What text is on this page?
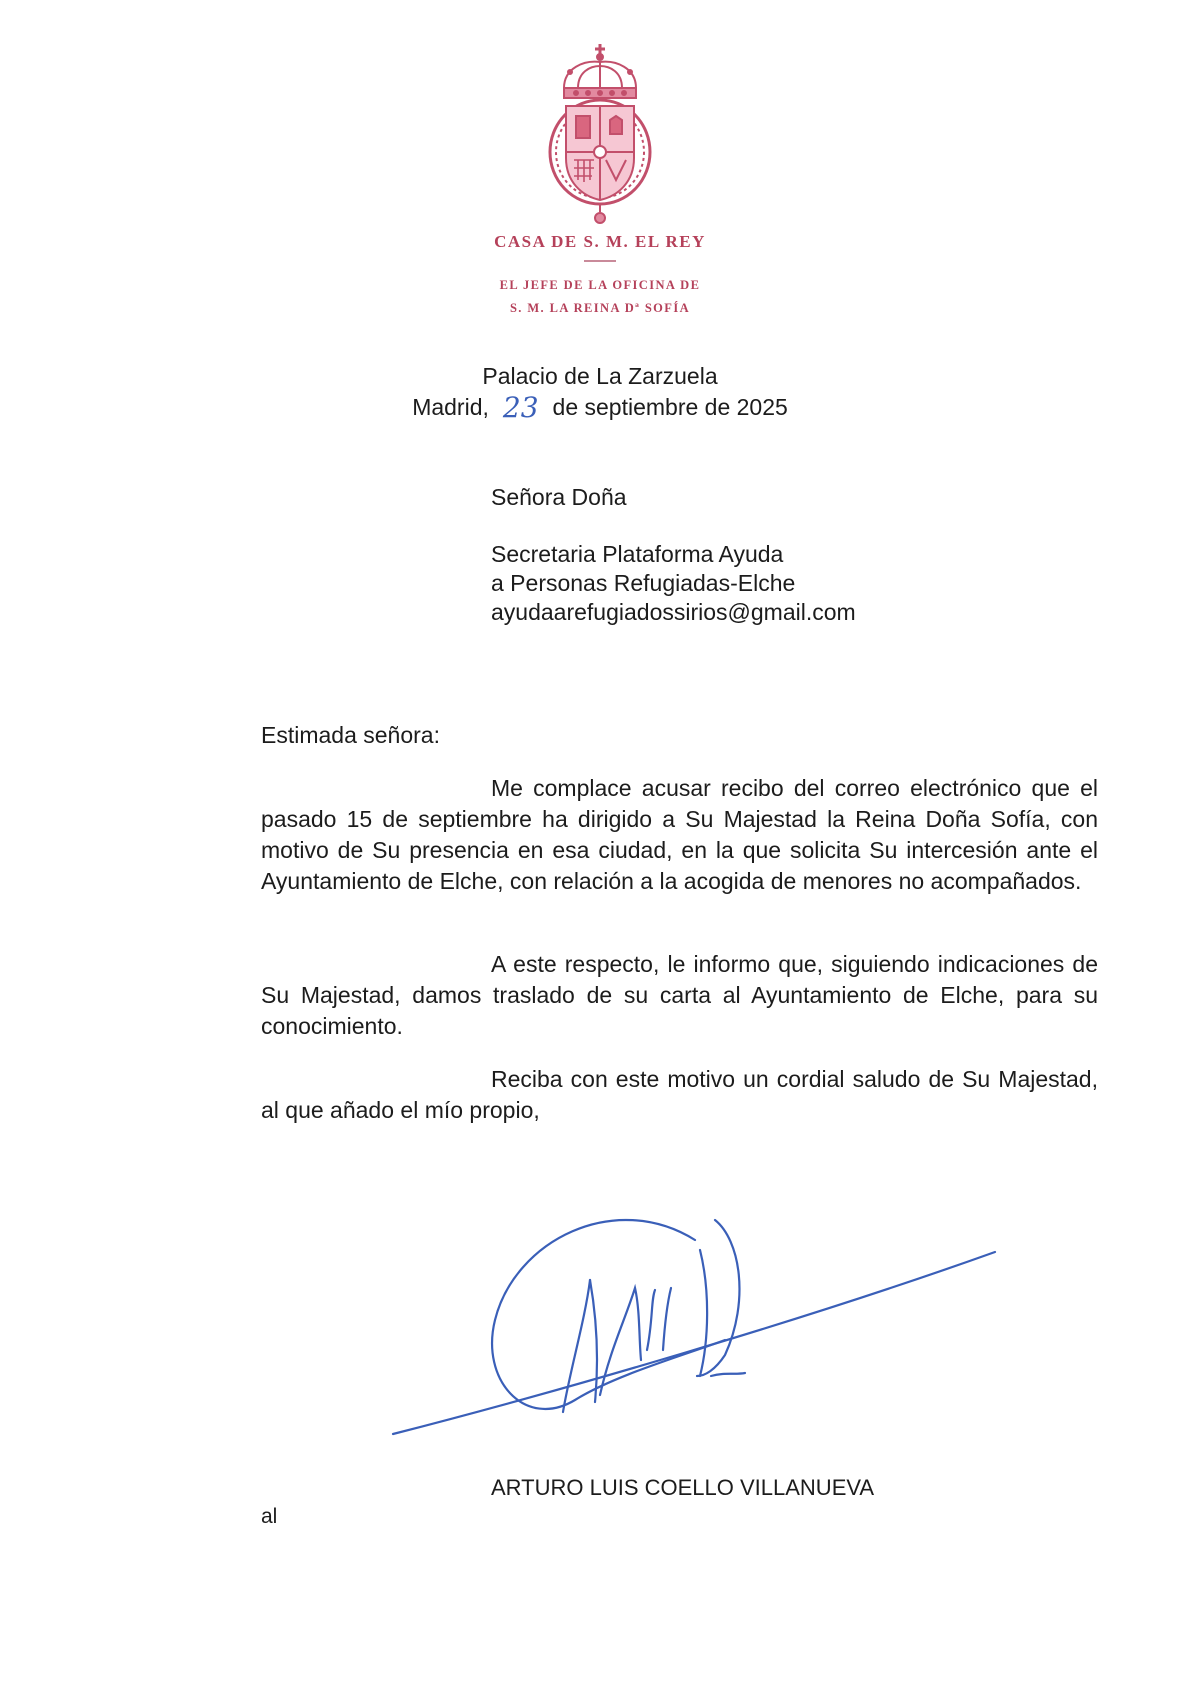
CASA DE S. M. EL REY
EL JEFE DE LA OFICINA DE
S. M. LA REINA Dª SOFÍA
Palacio de La Zarzuela
Madrid, 23 de septiembre de 2025
Señora Doña
Secretaria Plataforma Ayuda
a Personas Refugiadas-Elche
ayudaarefugiadossirios@gmail.com
Estimada señora:
Me complace acusar recibo del correo electrónico que el pasado 15 de septiembre ha dirigido a Su Majestad la Reina Doña Sofía, con motivo de Su presencia en esa ciudad, en la que solicita Su intercesión ante el Ayuntamiento de Elche, con relación a la acogida de menores no acompañados.
A este respecto, le informo que, siguiendo indicaciones de Su Majestad, damos traslado de su carta al Ayuntamiento de Elche, para su conocimiento.
Reciba con este motivo un cordial saludo de Su Majestad, al que añado el mío propio,
ARTURO LUIS COELLO VILLANUEVA
al
